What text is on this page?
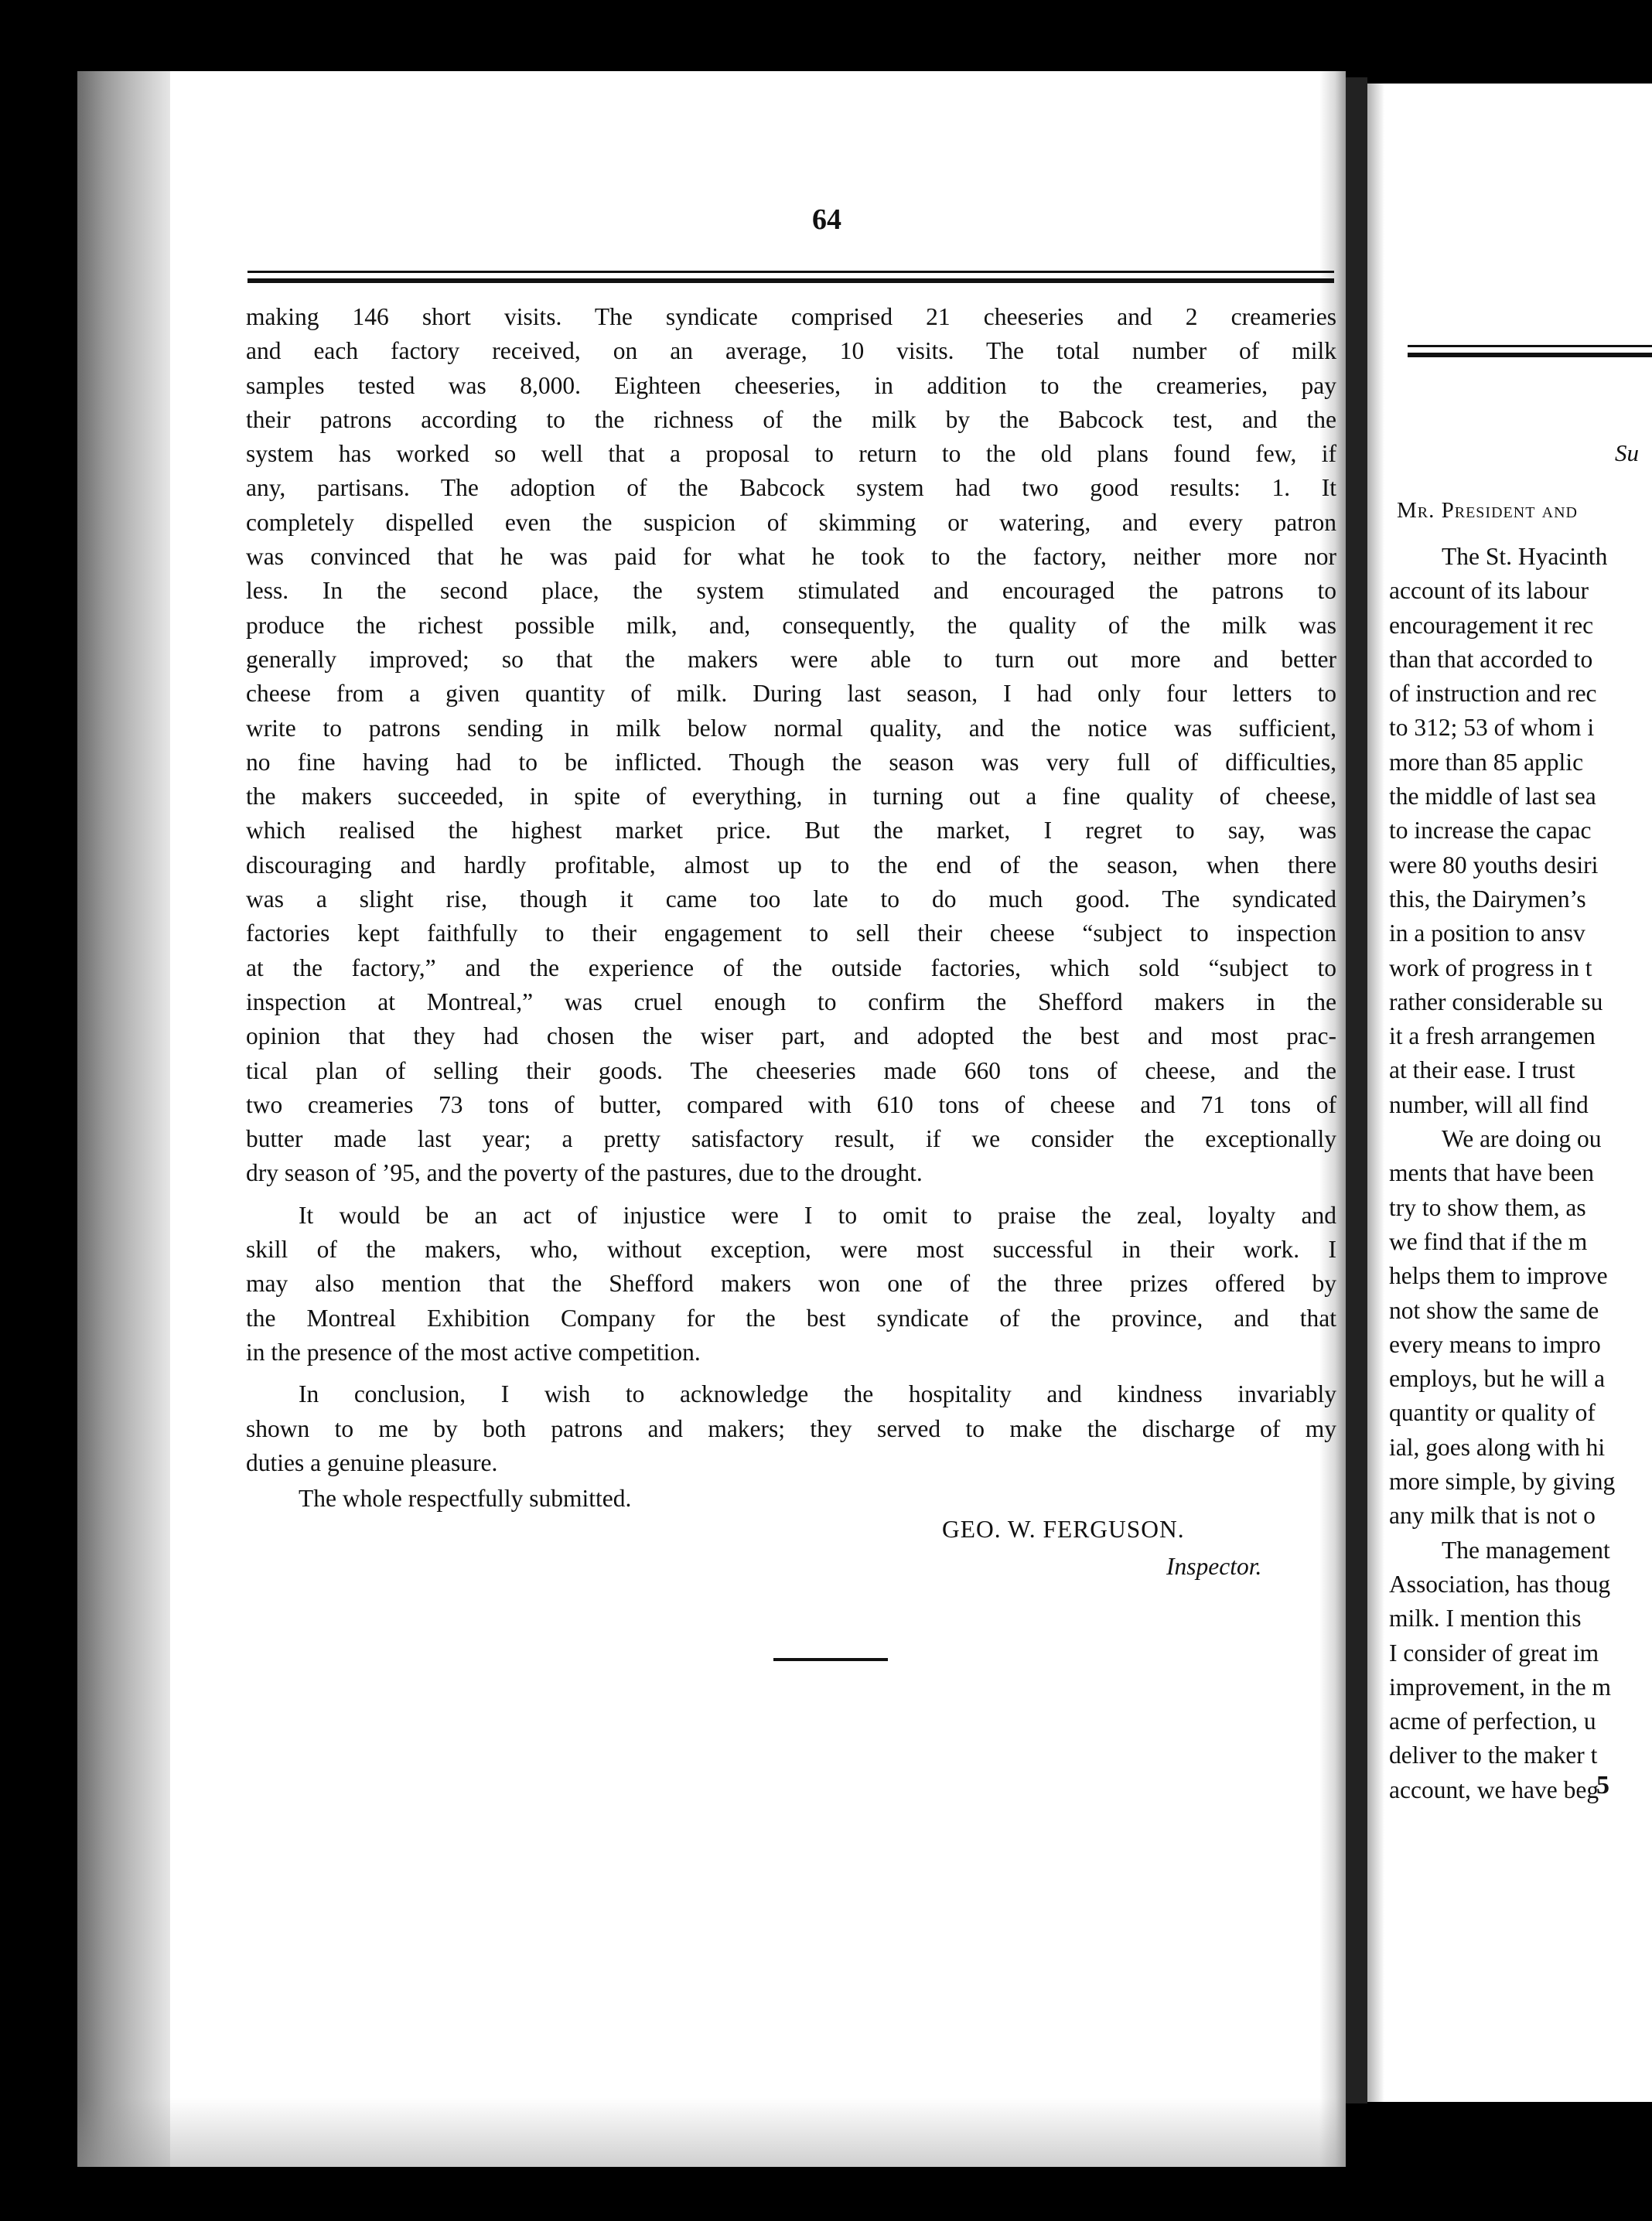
64
making 146 short visits. The syndicate comprised 21 cheeseries and 2 creameries
and each factory received, on an average, 10 visits. The total number of milk
samples tested was 8,000. Eighteen cheeseries, in addition to the creameries, pay
their patrons according to the richness of the milk by the Babcock test, and the
system has worked so well that a proposal to return to the old plans found few, if
any, partisans. The adoption of the Babcock system had two good results: 1. It
completely dispelled even the suspicion of skimming or watering, and every patron
was convinced that he was paid for what he took to the factory, neither more nor
less. In the second place, the system stimulated and encouraged the patrons to
produce the richest possible milk, and, consequently, the quality of the milk was
generally improved; so that the makers were able to turn out more and better
cheese from a given quantity of milk. During last season, I had only four letters to
write to patrons sending in milk below normal quality, and the notice was sufficient,
no fine having had to be inflicted. Though the season was very full of difficulties,
the makers succeeded, in spite of everything, in turning out a fine quality of cheese,
which realised the highest market price. But the market, I regret to say, was
discouraging and hardly profitable, almost up to the end of the season, when there
was a slight rise, though it came too late to do much good. The syndicated
factories kept faithfully to their engagement to sell their cheese “subject to inspection
at the factory,” and the experience of the outside factories, which sold “subject to
inspection at Montreal,” was cruel enough to confirm the Shefford makers in the
opinion that they had chosen the wiser part, and adopted the best and most prac-
tical plan of selling their goods. The cheeseries made 660 tons of cheese, and the
two creameries 73 tons of butter, compared with 610 tons of cheese and 71 tons of
butter made last year; a pretty satisfactory result, if we consider the exceptionally
dry season of ’95, and the poverty of the pastures, due to the drought.
It would be an act of injustice were I to omit to praise the zeal, loyalty and
skill of the makers, who, without exception, were most successful in their work. I
may also mention that the Shefford makers won one of the three prizes offered by
the Montreal Exhibition Company for the best syndicate of the province, and that
in the presence of the most active competition.
In conclusion, I wish to acknowledge the hospitality and kindness invariably
shown to me by both patrons and makers; they served to make the discharge of my
duties a genuine pleasure.
The whole respectfully submitted.
GEO. W. FERGUSON.
Inspector.
Su
Mr. President and
The St. Hyacinth
account of its labour
encouragement it rec
than that accorded to
of instruction and rec
to 312; 53 of whom i
more than 85 applic
the middle of last sea
to increase the capac
were 80 youths desiri
this, the Dairymen’s
in a position to ansv
work of progress in t
rather considerable su
it a fresh arrangemen
at their ease. I trust
number, will all find
We are doing ou
ments that have been
try to show them, as
we find that if the m
helps them to improve
not show the same de
every means to impro
employs, but he will a
quantity or quality of
ial, goes along with hi
more simple, by giving
any milk that is not o
The management
Association, has thoug
milk. I mention this
I consider of great im
improvement, in the m
acme of perfection, u
deliver to the maker t
account, we have beg
5
